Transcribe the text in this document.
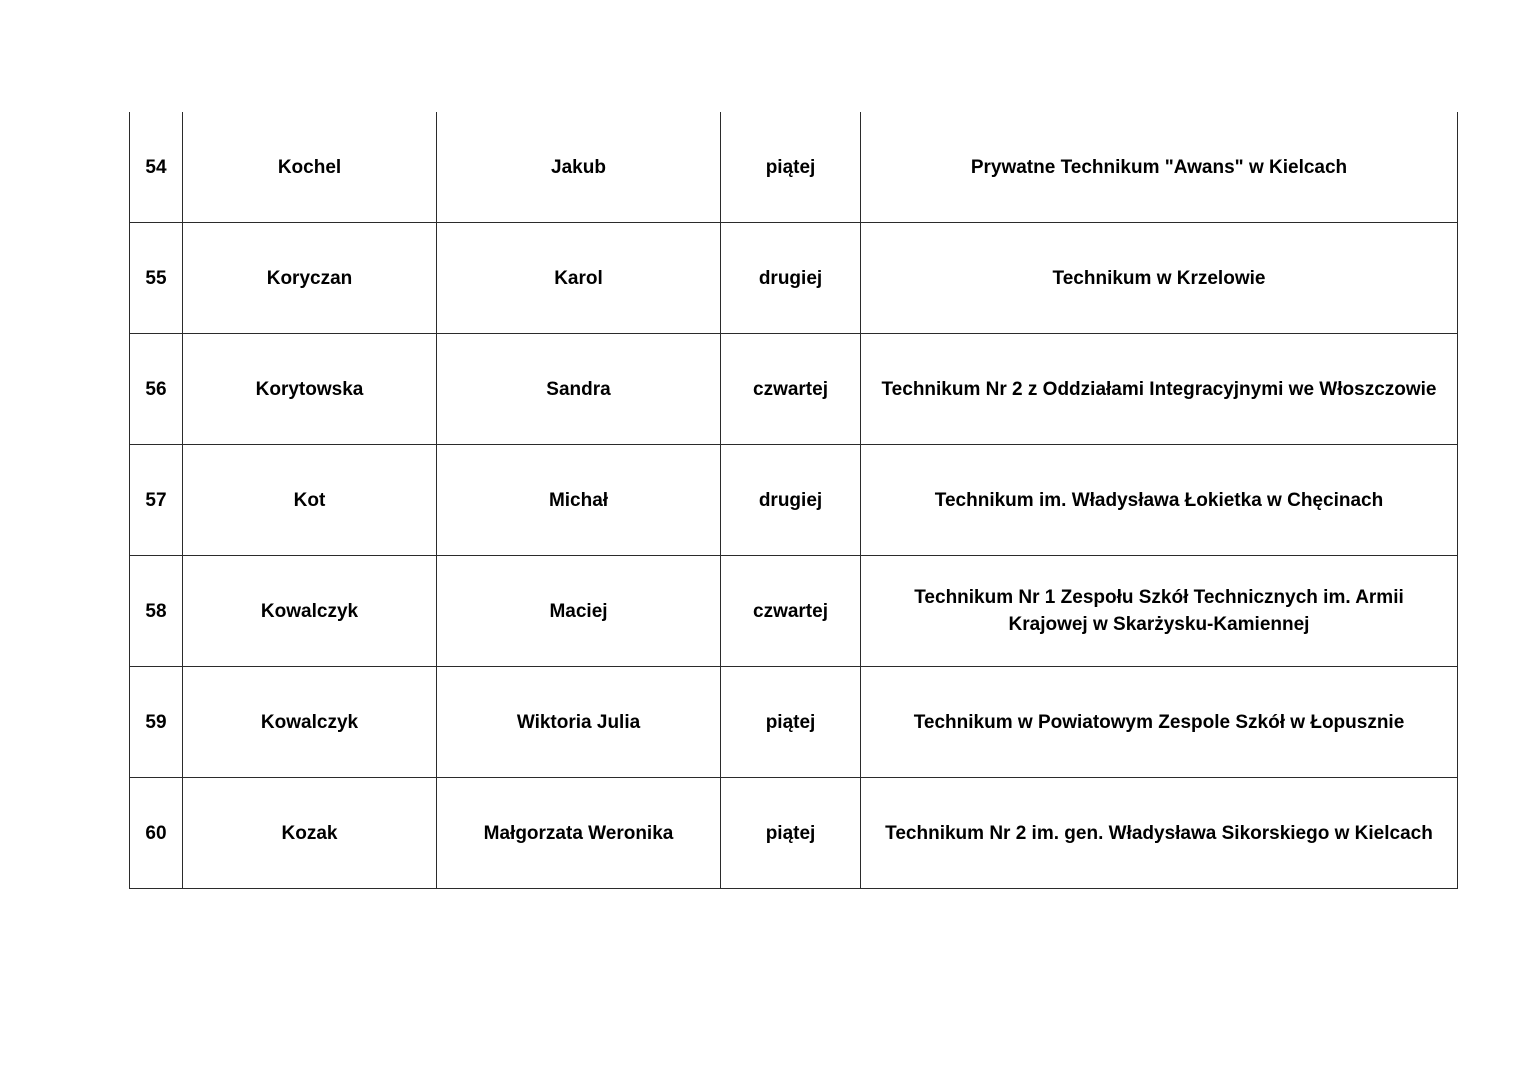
54	Kochel	Jakub	piątej	Prywatne Technikum "Awans" w Kielcach
55	Koryczan	Karol	drugiej	Technikum w Krzelowie
56	Korytowska	Sandra	czwartej	Technikum Nr 2 z Oddziałami Integracyjnymi we Włoszczowie
57	Kot	Michał	drugiej	Technikum im. Władysława Łokietka w Chęcinach
58	Kowalczyk	Maciej	czwartej	Technikum Nr 1 Zespołu Szkół Technicznych im. Armii Krajowej w Skarżysku-Kamiennej
59	Kowalczyk	Wiktoria Julia	piątej	Technikum w Powiatowym Zespole Szkół w Łopusznie
60	Kozak	Małgorzata Weronika	piątej	Technikum Nr 2 im. gen. Władysława Sikorskiego w Kielcach
